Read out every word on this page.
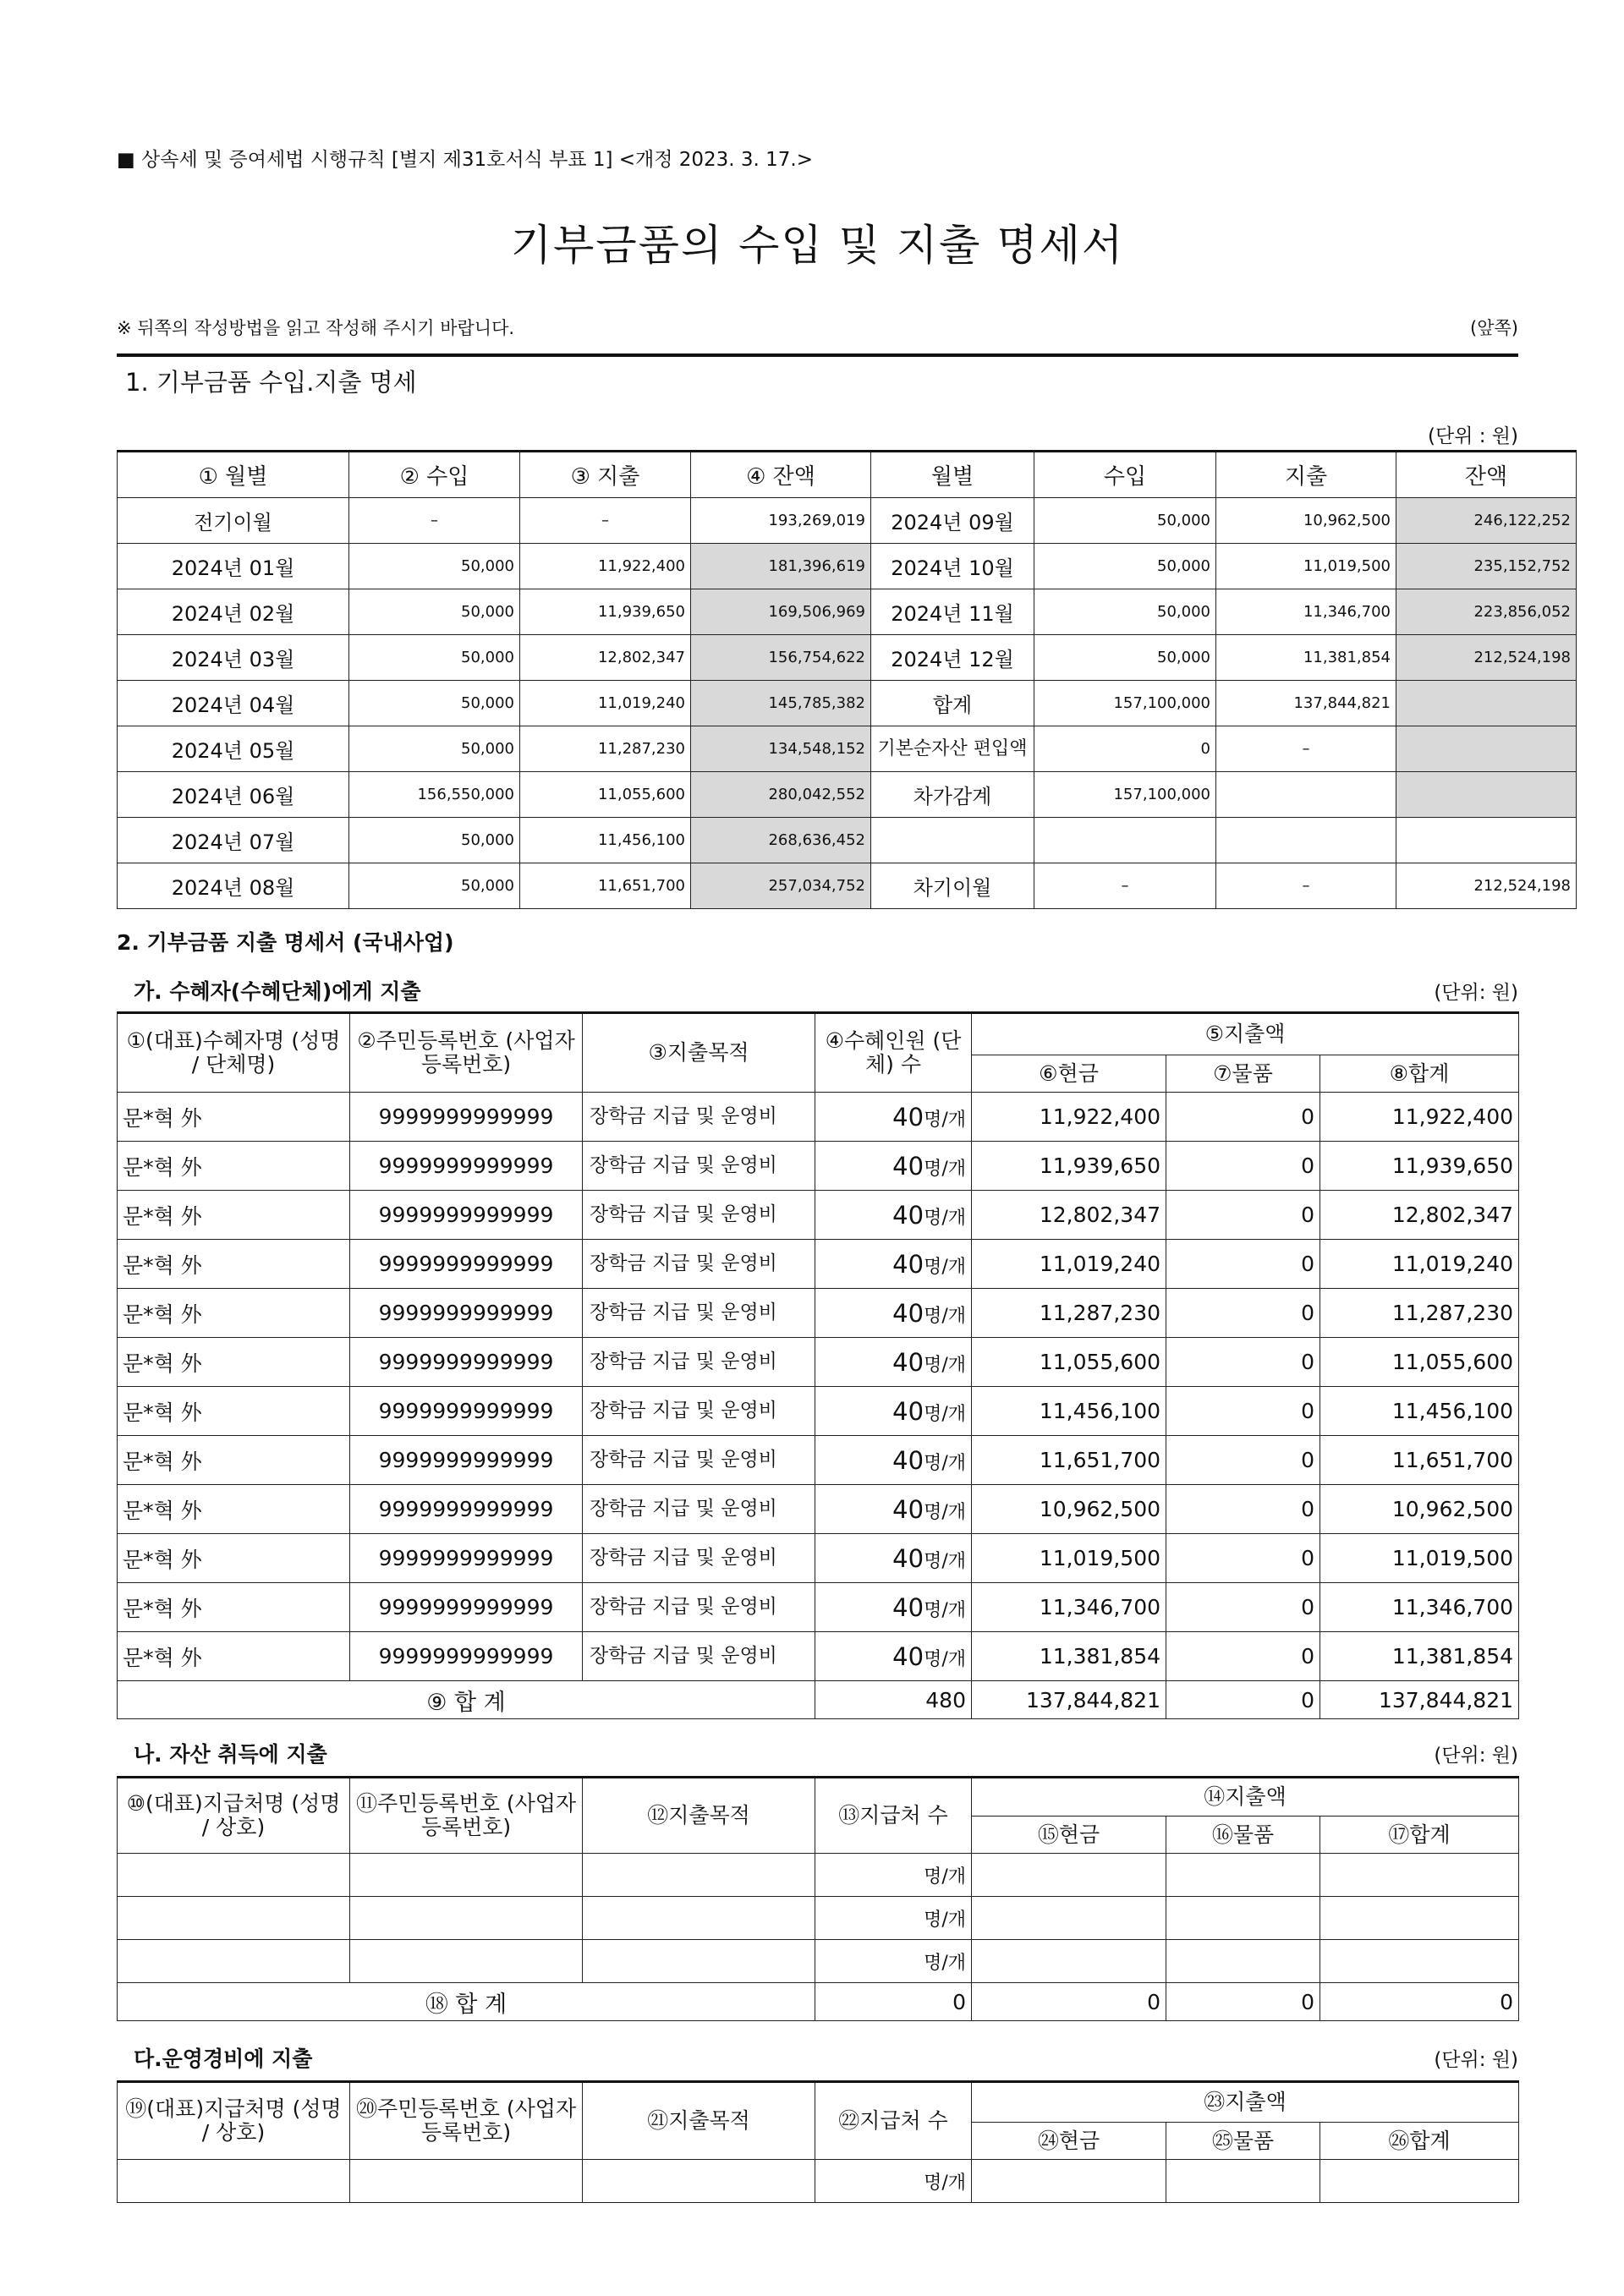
■ 상속세 및 증여세법 시행규칙 [별지 제31호서식 부표 1] <개정 2023. 3. 17.>
기부금품의 수입 및 지출 명세서
※ 뒤쪽의 작성방법을 읽고 작성해 주시기 바랍니다.	(앞쪽)
1. 기부금품 수입.지출 명세
(단위 : 원)
① 월별	② 수입	③ 지출	④ 잔액	월별	수입	지출	잔액
전기이월	–	–	193,269,019	2024년 09월	50,000	10,962,500	246,122,252
2024년 01월	50,000	11,922,400	181,396,619	2024년 10월	50,000	11,019,500	235,152,752
2024년 02월	50,000	11,939,650	169,506,969	2024년 11월	50,000	11,346,700	223,856,052
2024년 03월	50,000	12,802,347	156,754,622	2024년 12월	50,000	11,381,854	212,524,198
2024년 04월	50,000	11,019,240	145,785,382	합계	157,100,000	137,844,821	
2024년 05월	50,000	11,287,230	134,548,152	기본순자산 편입액	0	–	
2024년 06월	156,550,000	11,055,600	280,042,552	차가감계	157,100,000		
2024년 07월	50,000	11,456,100	268,636,452				
2024년 08월	50,000	11,651,700	257,034,752	차기이월	–	–	212,524,198
2. 기부금품 지출 명세서 (국내사업)
가. 수혜자(수혜단체)에게 지출	(단위: 원)
①(대표)수혜자명 (성명 / 단체명)	②주민등록번호 (사업자등록번호)	③지출목적	④수혜인원 (단체) 수	⑤지출액		
				⑥현금	⑦물품	⑧합계
문*혁 外	9999999999999	장학금 지급 및 운영비	40명/개	11,922,400	0	11,922,400
문*혁 外	9999999999999	장학금 지급 및 운영비	40명/개	11,939,650	0	11,939,650
문*혁 外	9999999999999	장학금 지급 및 운영비	40명/개	12,802,347	0	12,802,347
문*혁 外	9999999999999	장학금 지급 및 운영비	40명/개	11,019,240	0	11,019,240
문*혁 外	9999999999999	장학금 지급 및 운영비	40명/개	11,287,230	0	11,287,230
문*혁 外	9999999999999	장학금 지급 및 운영비	40명/개	11,055,600	0	11,055,600
문*혁 外	9999999999999	장학금 지급 및 운영비	40명/개	11,456,100	0	11,456,100
문*혁 外	9999999999999	장학금 지급 및 운영비	40명/개	11,651,700	0	11,651,700
문*혁 外	9999999999999	장학금 지급 및 운영비	40명/개	10,962,500	0	10,962,500
문*혁 外	9999999999999	장학금 지급 및 운영비	40명/개	11,019,500	0	11,019,500
문*혁 外	9999999999999	장학금 지급 및 운영비	40명/개	11,346,700	0	11,346,700
문*혁 外	9999999999999	장학금 지급 및 운영비	40명/개	11,381,854	0	11,381,854
⑨ 합 계			480	137,844,821	0	137,844,821
나. 자산 취득에 지출	(단위: 원)
⑩(대표)지급처명 (성명 / 상호)	⑪주민등록번호 (사업자등록번호)	⑫지출목적	⑬지급처 수	⑭지출액		
				⑮현금	⑯물품	⑰합계
			명/개			
			명/개			
			명/개			
⑱ 합 계			0	0	0	0
다.운영경비에 지출	(단위: 원)
⑲(대표)지급처명 (성명 / 상호)	⑳주민등록번호 (사업자등록번호)	㉑지출목적	㉒지급처 수	㉓지출액		
				㉔현금	㉕물품	㉖합계
			명/개			
